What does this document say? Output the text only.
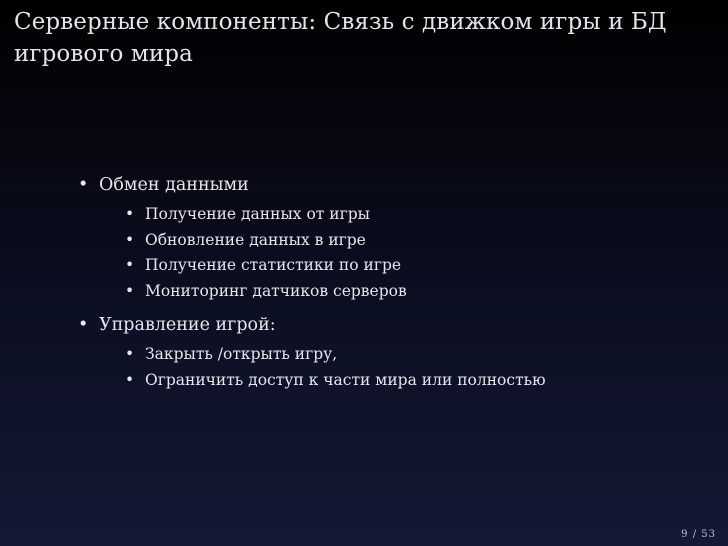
Серверные компоненты: Связь с движком игры и БД игрового мира
• Обмен данными
• Получение данных от игры
• Обновление данных в игре
• Получение статистики по игре
• Мониторинг датчиков серверов
• Управление игрой:
• Закрыть /открыть игру,
• Ограничить доступ к части мира или полностью
9 / 53
